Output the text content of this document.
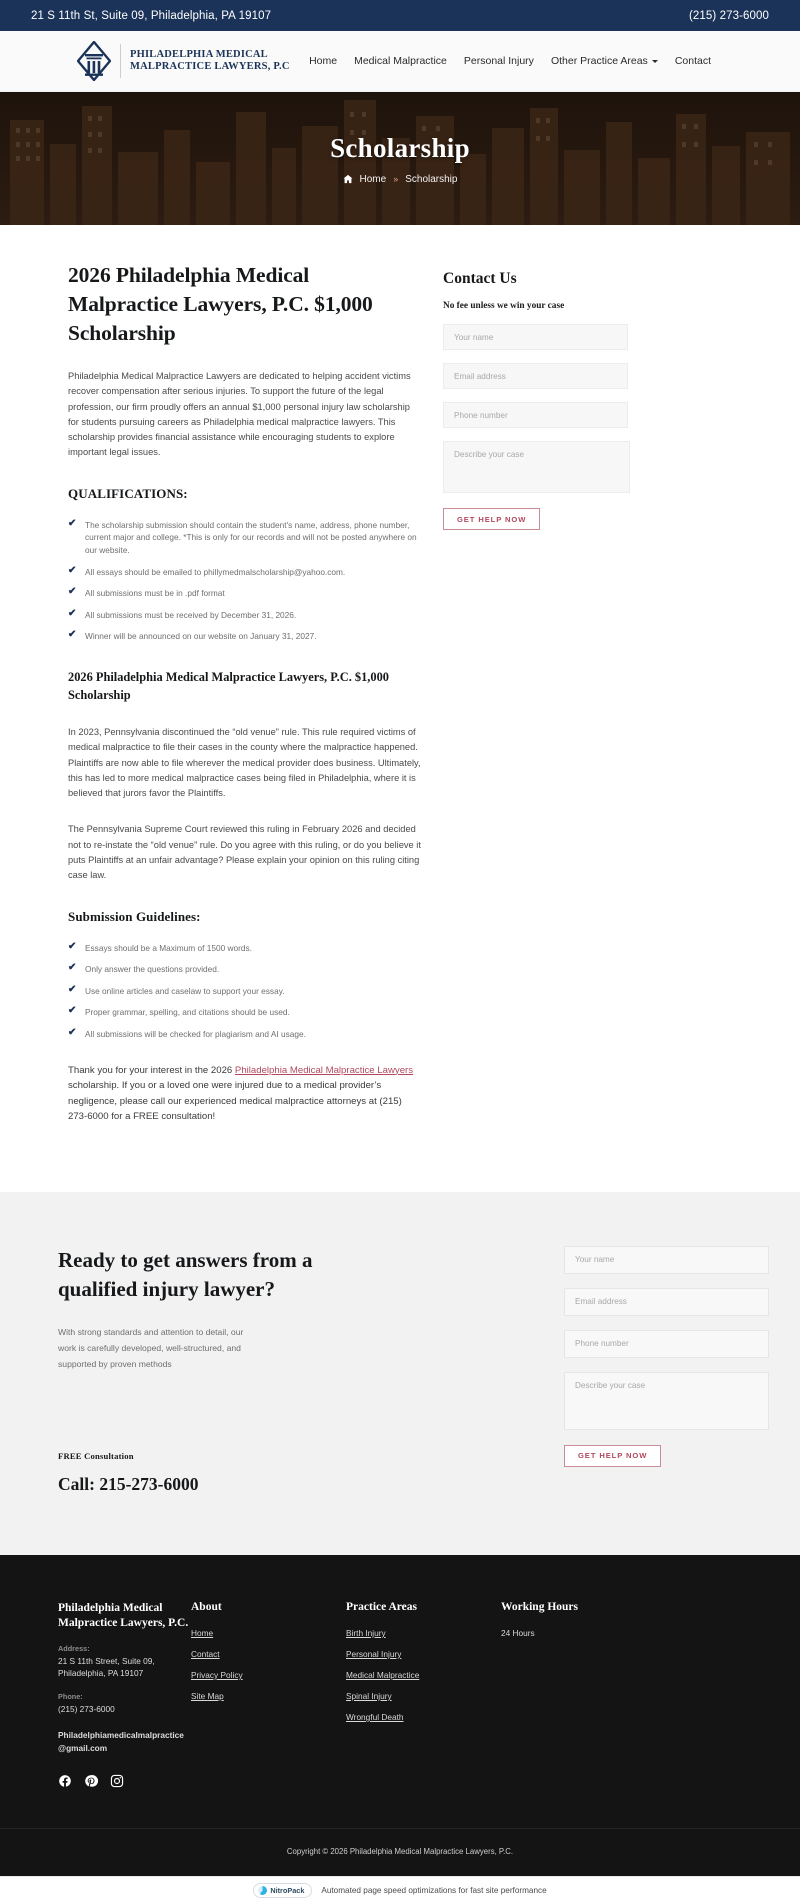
21 S 11th St, Suite 09, Philadelphia, PA 19107	(215) 273-6000
PHILADELPHIA MEDICAL
MALPRACTICE LAWYERS, P.C Home Medical Malpractice Personal Injury Other Practice Areas	Contact
Scholarship
Home » Scholarship
2026 Philadelphia Medical Malpractice Lawyers, P.C. $1,000 Scholarship

Philadelphia Medical Malpractice Lawyers are dedicated to helping accident victims recover compensation after serious injuries. To support the future of the legal profession, our firm proudly offers an annual $1,000 personal injury law scholarship for students pursuing careers as Philadelphia medical malpractice lawyers. This scholarship provides financial assistance while encouraging students to explore important legal issues.

QUALIFICATIONS:
✔ The scholarship submission should contain the student's name, address, phone number, current major and college. *This is only for our records and will not be posted anywhere on our website.
✔ All essays should be emailed to phillymedmalscholarship@yahoo.com.
✔ All submissions must be in .pdf format
✔ All submissions must be received by December 31, 2026.
✔ Winner will be announced on our website on January 31, 2027.
2026 Philadelphia Medical Malpractice Lawyers, P.C. $1,000 Scholarship

In 2023, Pennsylvania discontinued the “old venue” rule. This rule required victims of medical malpractice to file their cases in the county where the malpractice happened. Plaintiffs are now able to file wherever the medical provider does business. Ultimately, this has led to more medical malpractice cases being filed in Philadelphia, where it is believed that jurors favor the Plaintiffs.

The Pennsylvania Supreme Court reviewed this ruling in February 2026 and decided not to re-instate the “old venue” rule. Do you agree with this ruling, or do you believe it puts Plaintiffs at an unfair advantage? Please explain your opinion on this ruling citing case law.

Submission Guidelines:
✔ Essays should be a Maximum of 1500 words.
✔ Only answer the questions provided.
✔ Use online articles and caselaw to support your essay.
✔ Proper grammar, spelling, and citations should be used.
✔ All submissions will be checked for plagiarism and AI usage.

Thank you for your interest in the 2026 Philadelphia Medical Malpractice Lawyers scholarship. If you or a loved one were injured due to a medical provider’s negligence, please call our experienced medical malpractice attorneys at (215) 273-6000 for a FREE consultation!

Contact Us
No fee unless we win your case
Your name
Email address
Phone number
Describe your case
GET HELP NOW
Ready to get answers from a qualified injury lawyer?

With strong standards and attention to detail, our work is carefully developed, well-structured, and supported by proven methods

FREE Consultation
Call: 215-273-6000
Your name
Email address
Phone number
Describe your case
GET HELP NOW
Philadelphia Medical Malpractice Lawyers, P.C.
Address:
21 S 11th Street, Suite 09, Philadelphia, PA 19107
Phone:
(215) 273-6000
Philadelphiamedicalmalpractice @gmail.com
About
Home
Contact
Privacy Policy
Site Map
Practice Areas
Birth Injury
Personal Injury
Medical Malpractice
Spinal Injury
Wrongful Death
Working Hours
24 Hours
Copyright © 2026 Philadelphia Medical Malpractice Lawyers, P.C.
NitroPack Automated page speed optimizations for fast site performance
